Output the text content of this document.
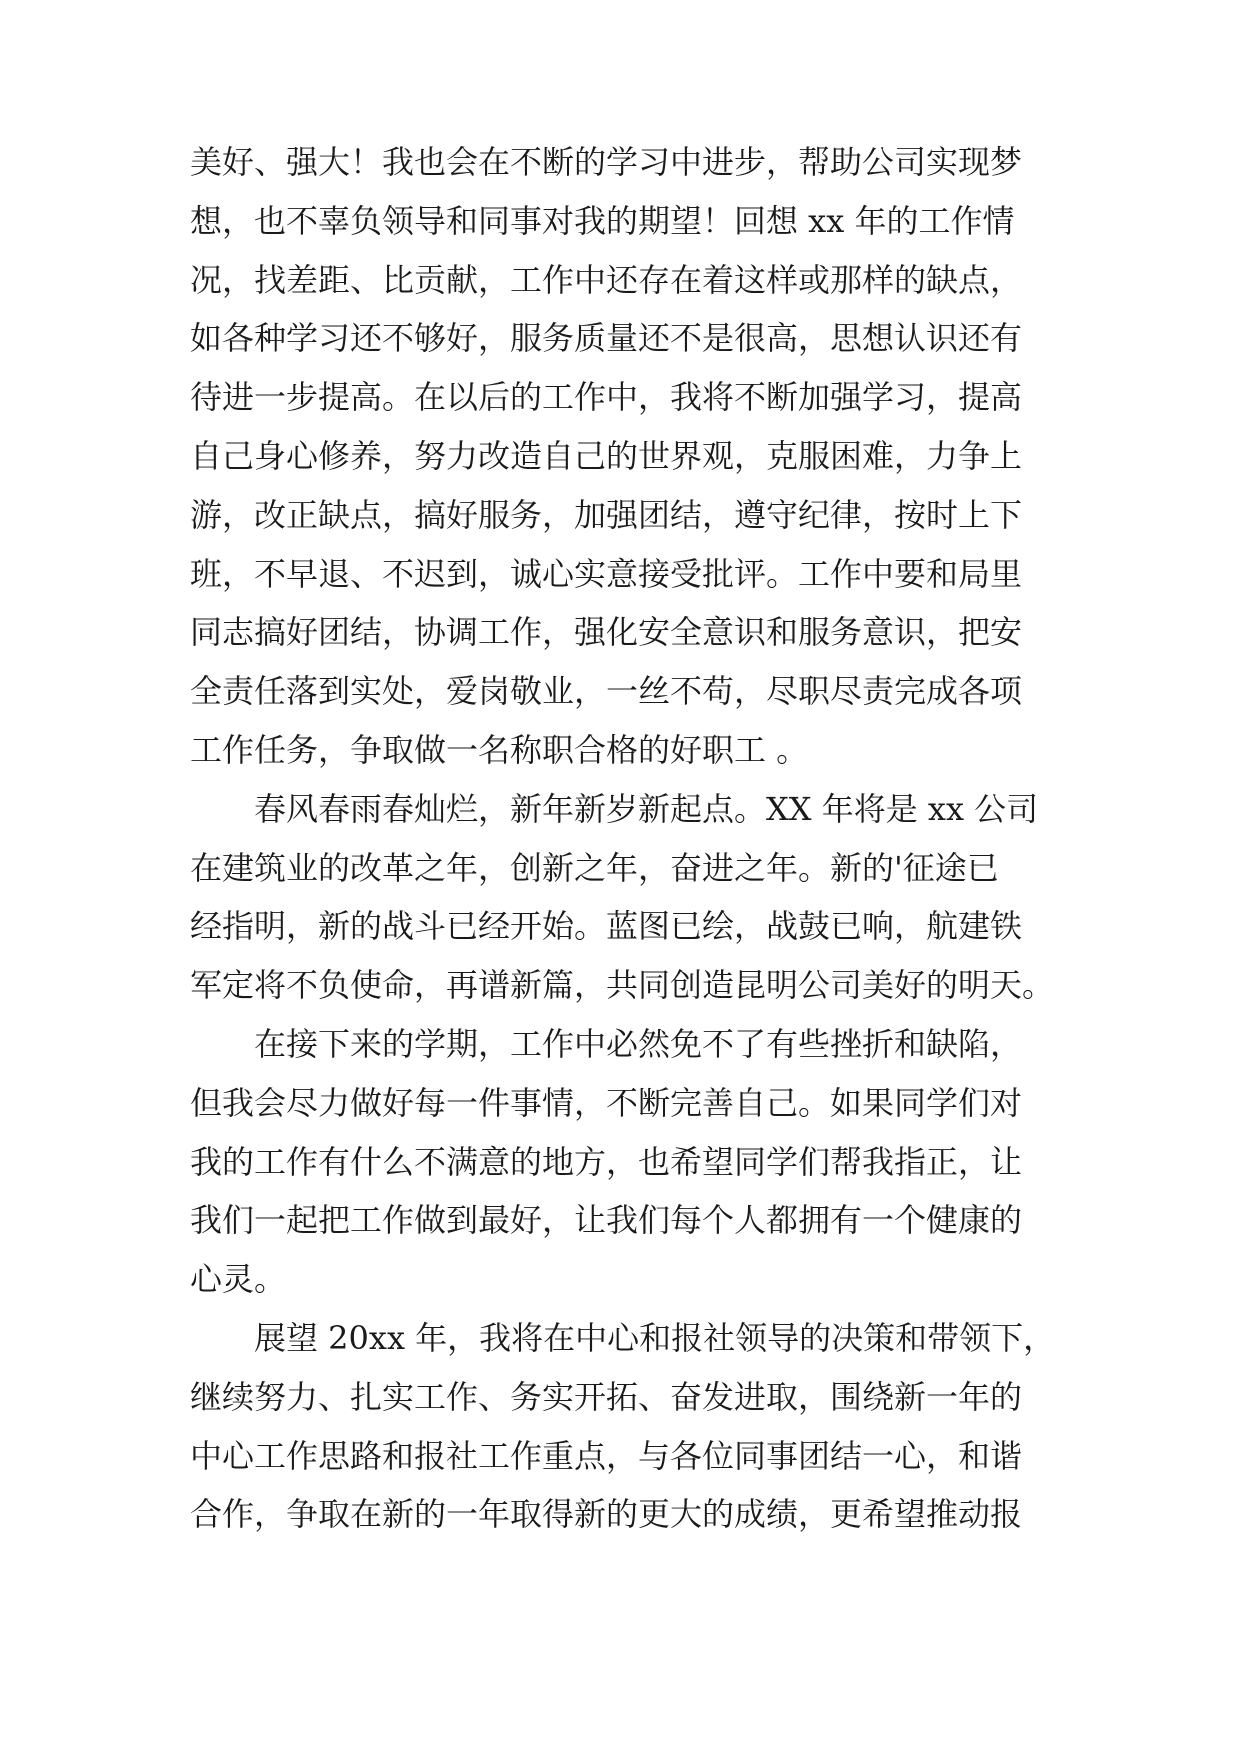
美好、强大！我也会在不断的学习中进步，帮助公司实现梦
想，也不辜负领导和同事对我的期望！回想 xx 年的工作情
况，找差距、比贡献，工作中还存在着这样或那样的缺点，
如各种学习还不够好，服务质量还不是很高，思想认识还有
待进一步提高。在以后的工作中，我将不断加强学习，提高
自己身心修养，努力改造自己的世界观，克服困难，力争上
游，改正缺点，搞好服务，加强团结，遵守纪律，按时上下
班，不早退、不迟到，诚心实意接受批评。工作中要和局里
同志搞好团结，协调工作，强化安全意识和服务意识，把安
全责任落到实处，爱岗敬业，一丝不苟，尽职尽责完成各项
工作任务，争取做一名称职合格的好职工 。
春风春雨春灿烂，新年新岁新起点。XX 年将是 xx 公司
在建筑业的改革之年，创新之年，奋进之年。新的'征途已
经指明，新的战斗已经开始。蓝图已绘，战鼓已响，航建铁
军定将不负使命，再谱新篇，共同创造昆明公司美好的明天。
在接下来的学期，工作中必然免不了有些挫折和缺陷，
但我会尽力做好每一件事情，不断完善自己。如果同学们对
我的工作有什么不满意的地方，也希望同学们帮我指正，让
我们一起把工作做到最好，让我们每个人都拥有一个健康的
心灵。
展望 20xx 年，我将在中心和报社领导的决策和带领下，
继续努力、扎实工作、务实开拓、奋发进取，围绕新一年的
中心工作思路和报社工作重点，与各位同事团结一心，和谐
合作，争取在新的一年取得新的更大的成绩，更希望推动报
